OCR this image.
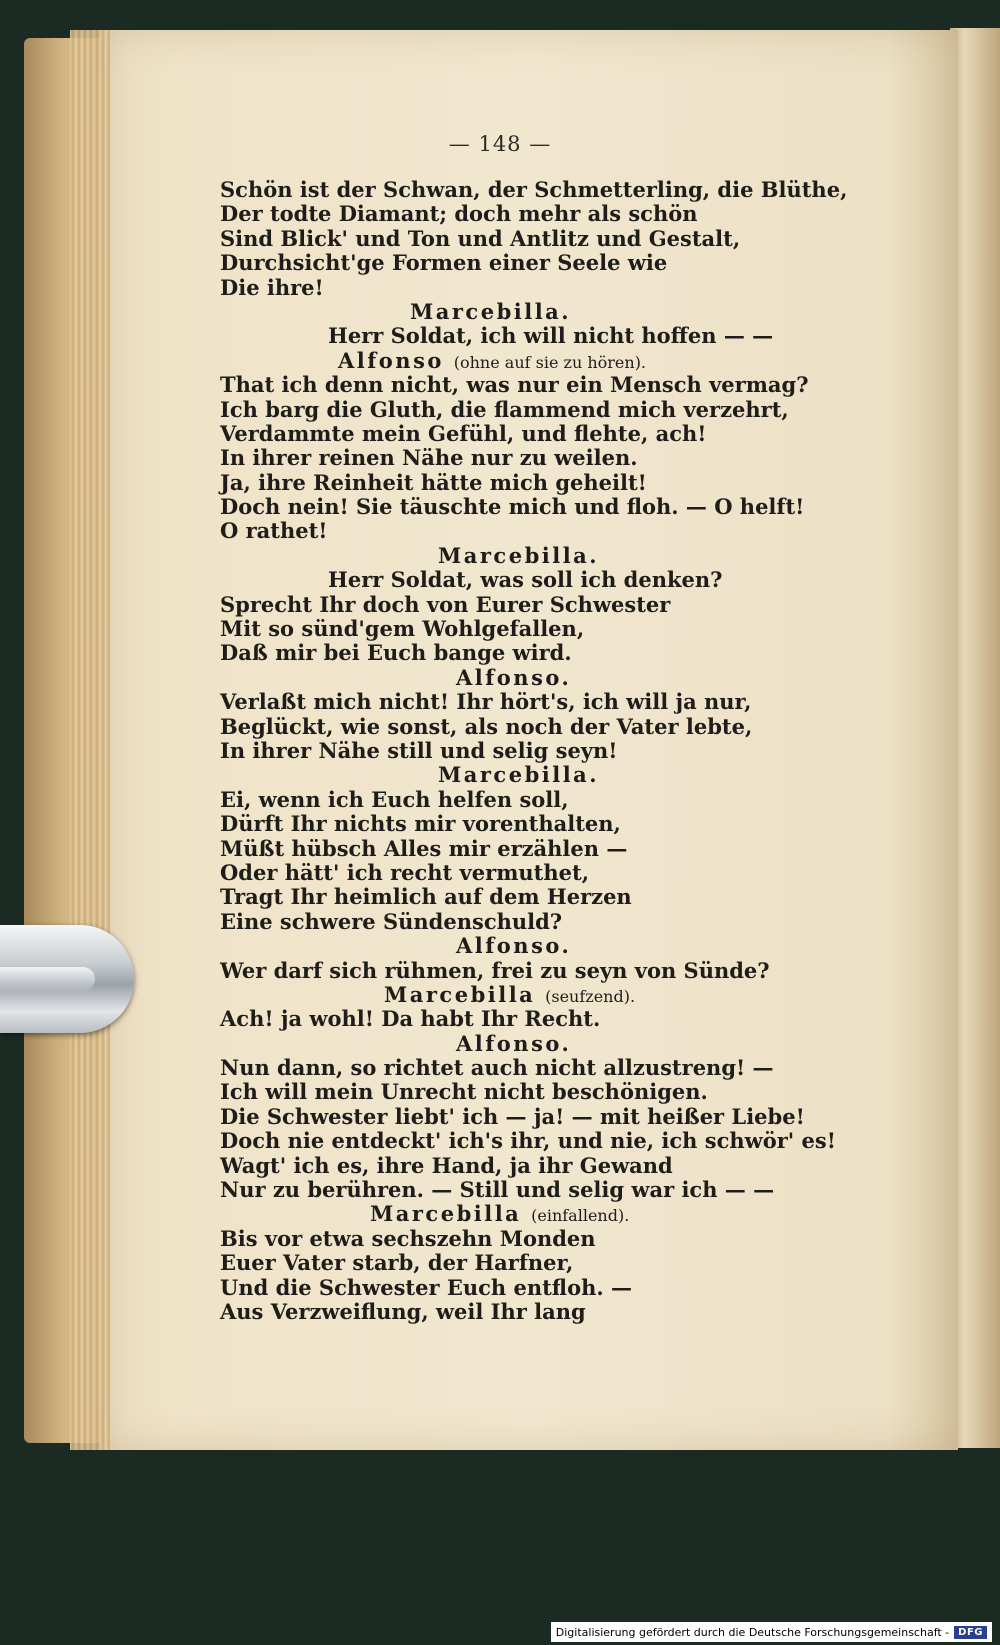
— 148 —
Schön ist der Schwan, der Schmetterling, die Blüthe,
Der todte Diamant; doch mehr als schön
Sind Blick' und Ton und Antlitz und Gestalt,
Durchsicht'ge Formen einer Seele wie
Die ihre!
Marcebilla.
Herr Soldat, ich will nicht hoffen — —
Alfonso (ohne auf sie zu hören).
That ich denn nicht, was nur ein Mensch vermag?
Ich barg die Gluth, die flammend mich verzehrt,
Verdammte mein Gefühl, und flehte, ach!
In ihrer reinen Nähe nur zu weilen.
Ja, ihre Reinheit hätte mich geheilt!
Doch nein! Sie täuschte mich und floh. — O helft!
O rathet!
Marcebilla.
Herr Soldat, was soll ich denken?
Sprecht Ihr doch von Eurer Schwester
Mit so sünd'gem Wohlgefallen,
Daß mir bei Euch bange wird.
Alfonso.
Verlaßt mich nicht! Ihr hört's, ich will ja nur,
Beglückt, wie sonst, als noch der Vater lebte,
In ihrer Nähe still und selig seyn!
Marcebilla.
Ei, wenn ich Euch helfen soll,
Dürft Ihr nichts mir vorenthalten,
Müßt hübsch Alles mir erzählen —
Oder hätt' ich recht vermuthet,
Tragt Ihr heimlich auf dem Herzen
Eine schwere Sündenschuld?
Alfonso.
Wer darf sich rühmen, frei zu seyn von Sünde?
Marcebilla (seufzend).
Ach! ja wohl! Da habt Ihr Recht.
Alfonso.
Nun dann, so richtet auch nicht allzustreng! —
Ich will mein Unrecht nicht beschönigen.
Die Schwester liebt' ich — ja! — mit heißer Liebe!
Doch nie entdeckt' ich's ihr, und nie, ich schwör' es!
Wagt' ich es, ihre Hand, ja ihr Gewand
Nur zu berühren. — Still und selig war ich — —
Marcebilla (einfallend).
Bis vor etwa sechszehn Monden
Euer Vater starb, der Harfner,
Und die Schwester Euch entfloh. —
Aus Verzweiflung, weil Ihr lang
Digitalisierung gefördert durch die Deutsche Forschungsgemeinschaft - DFG
